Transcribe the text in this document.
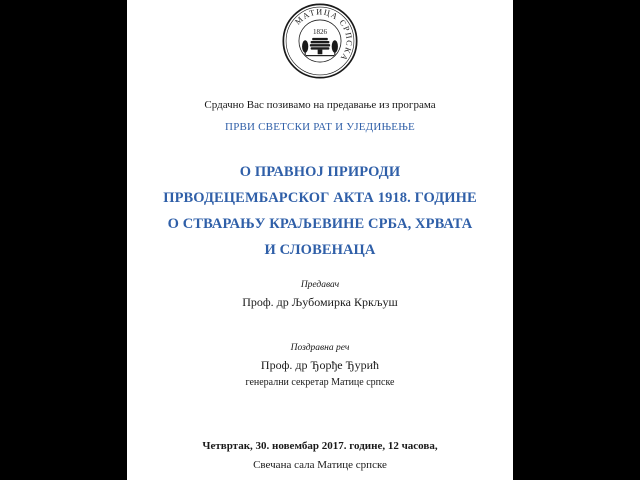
МАТИЦА СРПСКА
1826
Срдачно Вас позивамо на предавање из програма
ПРВИ СВЕТСКИ РАТ И УЈЕДИЊЕЊЕ
О ПРАВНОЈ ПРИРОДИ
ПРВОДЕЦЕМБАРСКОГ АКТА 1918. ГОДИНЕ
О СТВАРАЊУ КРАЉЕВИНЕ СРБА, ХРВАТА
И СЛОВЕНАЦА
Предавач
Проф. др Љубомирка Кркљуш
Поздравна реч
Проф. др Ђорђе Ђурић
генерални секретар Матице српске
Четвртак, 30. новембар 2017. године, 12 часова,
Свечана сала Матице српске
